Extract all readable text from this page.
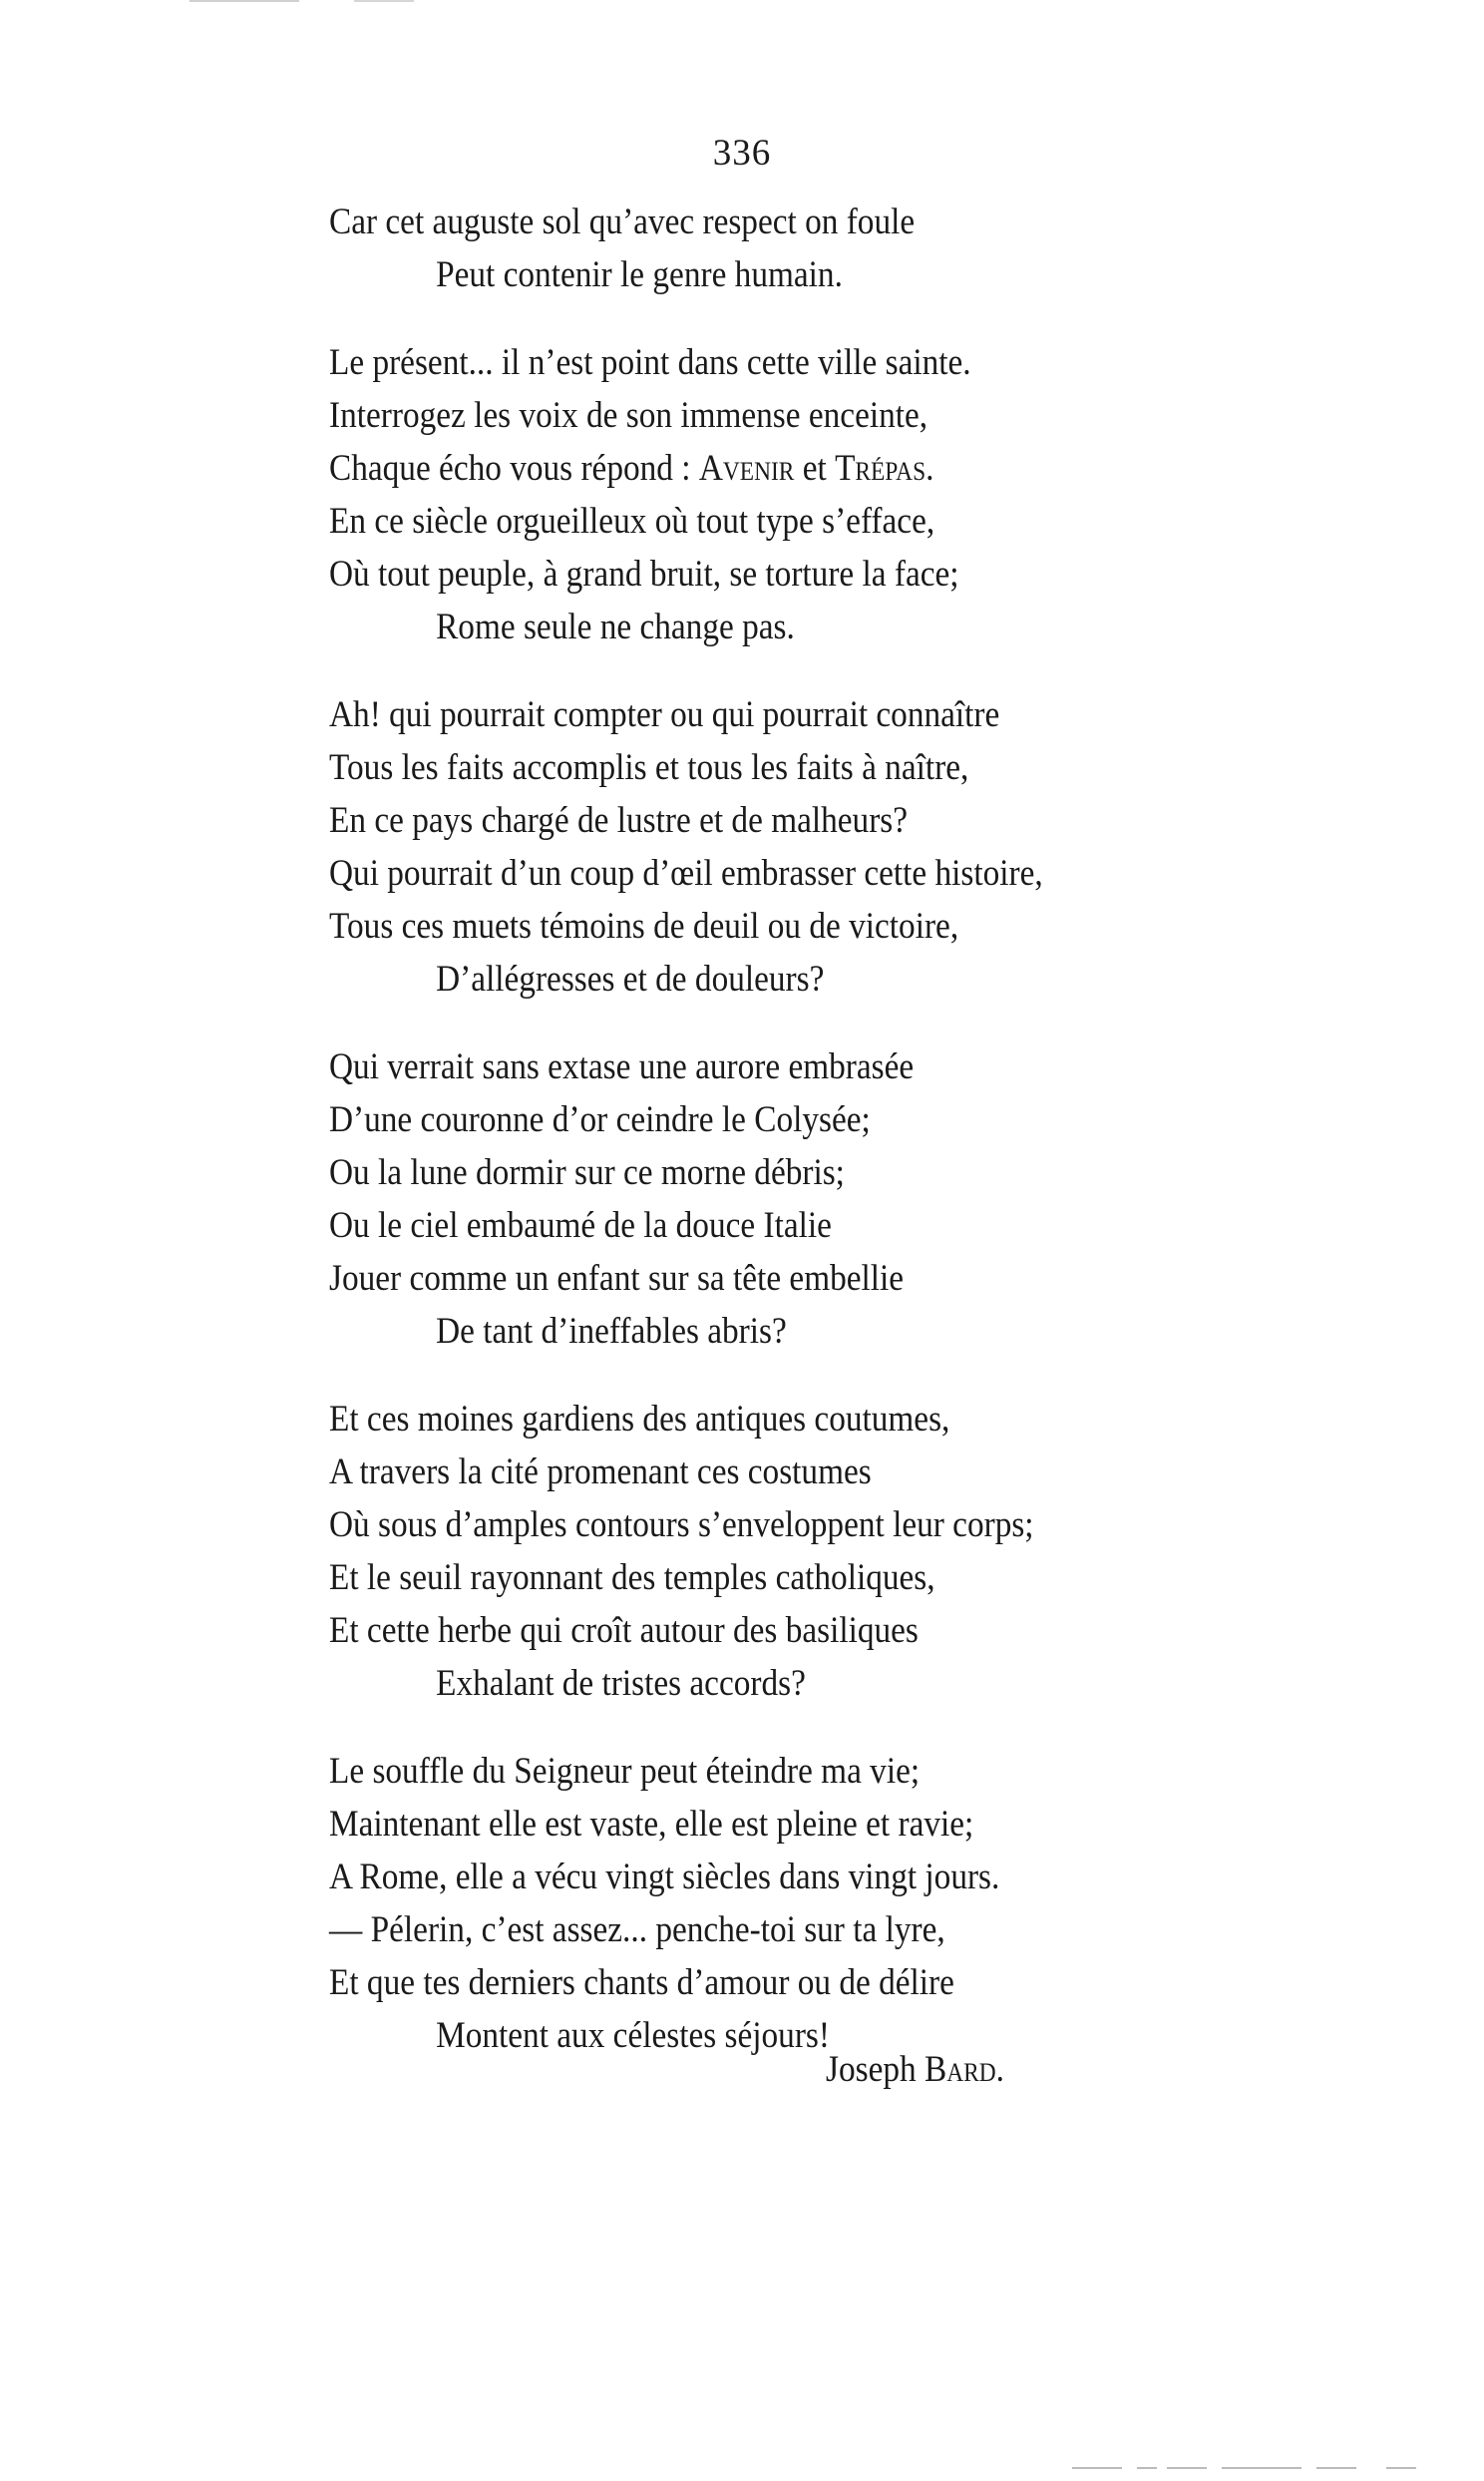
336
Car cet auguste sol qu’avec respect on foule
Peut contenir le genre humain.
Le présent... il n’est point dans cette ville sainte.
Interrogez les voix de son immense enceinte,
Chaque écho vous répond : Avenir et Trépas.
En ce siècle orgueilleux où tout type s’efface,
Où tout peuple, à grand bruit, se torture la face;
Rome seule ne change pas.
Ah! qui pourrait compter ou qui pourrait connaître
Tous les faits accomplis et tous les faits à naître,
En ce pays chargé de lustre et de malheurs?
Qui pourrait d’un coup d’œil embrasser cette histoire,
Tous ces muets témoins de deuil ou de victoire,
D’allégresses et de douleurs?
Qui verrait sans extase une aurore embrasée
D’une couronne d’or ceindre le Colysée;
Ou la lune dormir sur ce morne débris;
Ou le ciel embaumé de la douce Italie
Jouer comme un enfant sur sa tête embellie
De tant d’ineffables abris?
Et ces moines gardiens des antiques coutumes,
A travers la cité promenant ces costumes
Où sous d’amples contours s’enveloppent leur corps;
Et le seuil rayonnant des temples catholiques,
Et cette herbe qui croît autour des basiliques
Exhalant de tristes accords?
Le souffle du Seigneur peut éteindre ma vie;
Maintenant elle est vaste, elle est pleine et ravie;
A Rome, elle a vécu vingt siècles dans vingt jours.
— Pélerin, c’est assez... penche-toi sur ta lyre,
Et que tes derniers chants d’amour ou de délire
Montent aux célestes séjours!
Joseph Bard.
